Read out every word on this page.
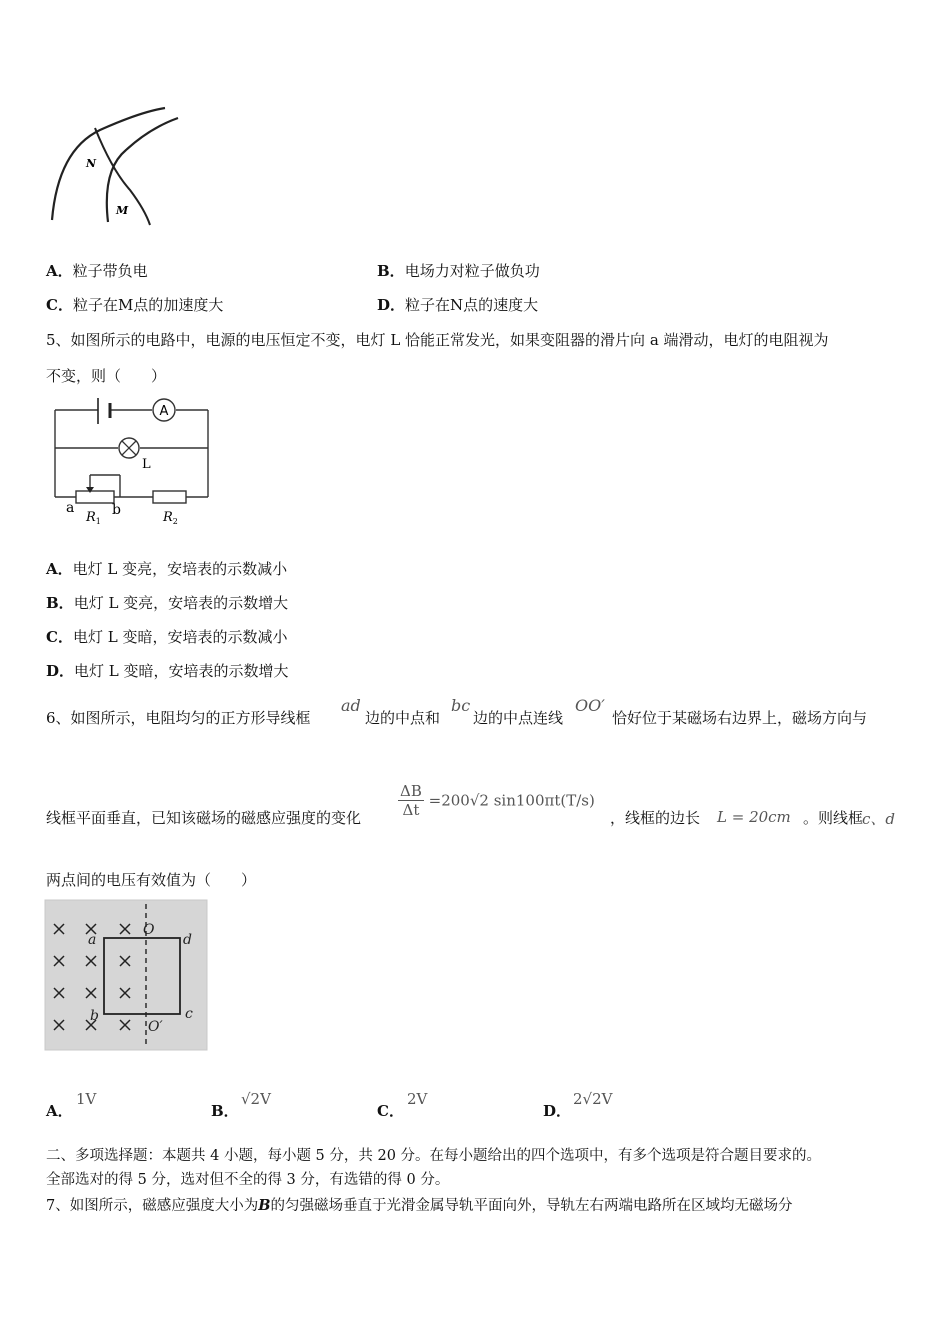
N
M
A．粒子带负电	B．电场力对粒子做负功
C．粒子在M点的加速度大	D．粒子在N点的速度大
5、如图所示的电路中，电源的电压恒定不变，电灯 L 恰能正常发光，如果变阻器的滑片向 a 端滑动，电灯的电阻视为
不变，则（　　）
A
L
a	b
$R_1$	$R_2$
A．电灯 L 变亮，安培表的示数减小
B．电灯 L 变亮，安培表的示数增大
C．电灯 L 变暗，安培表的示数减小
D．电灯 L 变暗，安培表的示数增大
6、如图所示，电阻均匀的正方形导线框
ad
边的中点和
bc
边的中点连线
OO′
恰好位于某磁场右边界上，磁场方向与
线框平面垂直，已知该磁场的磁感应强度的变化 $\frac{\Delta B}{\Delta t} =200√2$ sin100πt(T/s)
，线框的边长 L = 20cm 。则线框
c、d
两点间的电压有效值为（　　）
O
O′
a
b	c
d
A．
1V
B．
√2V
C．
2V
D．
2√2V
二、多项选择题：本题共 4 小题，每小题 5 分，共 20 分。在每小题给出的四个选项中，有多个选项是符合题目要求的。
全部选对的得 5 分，选对但不全的得 3 分，有选错的得 0 分。
7、如图所示，磁感应强度大小为B的匀强磁场垂直于光滑金属导轨平面向外，导轨左右两端电路所在区域均无磁场分
